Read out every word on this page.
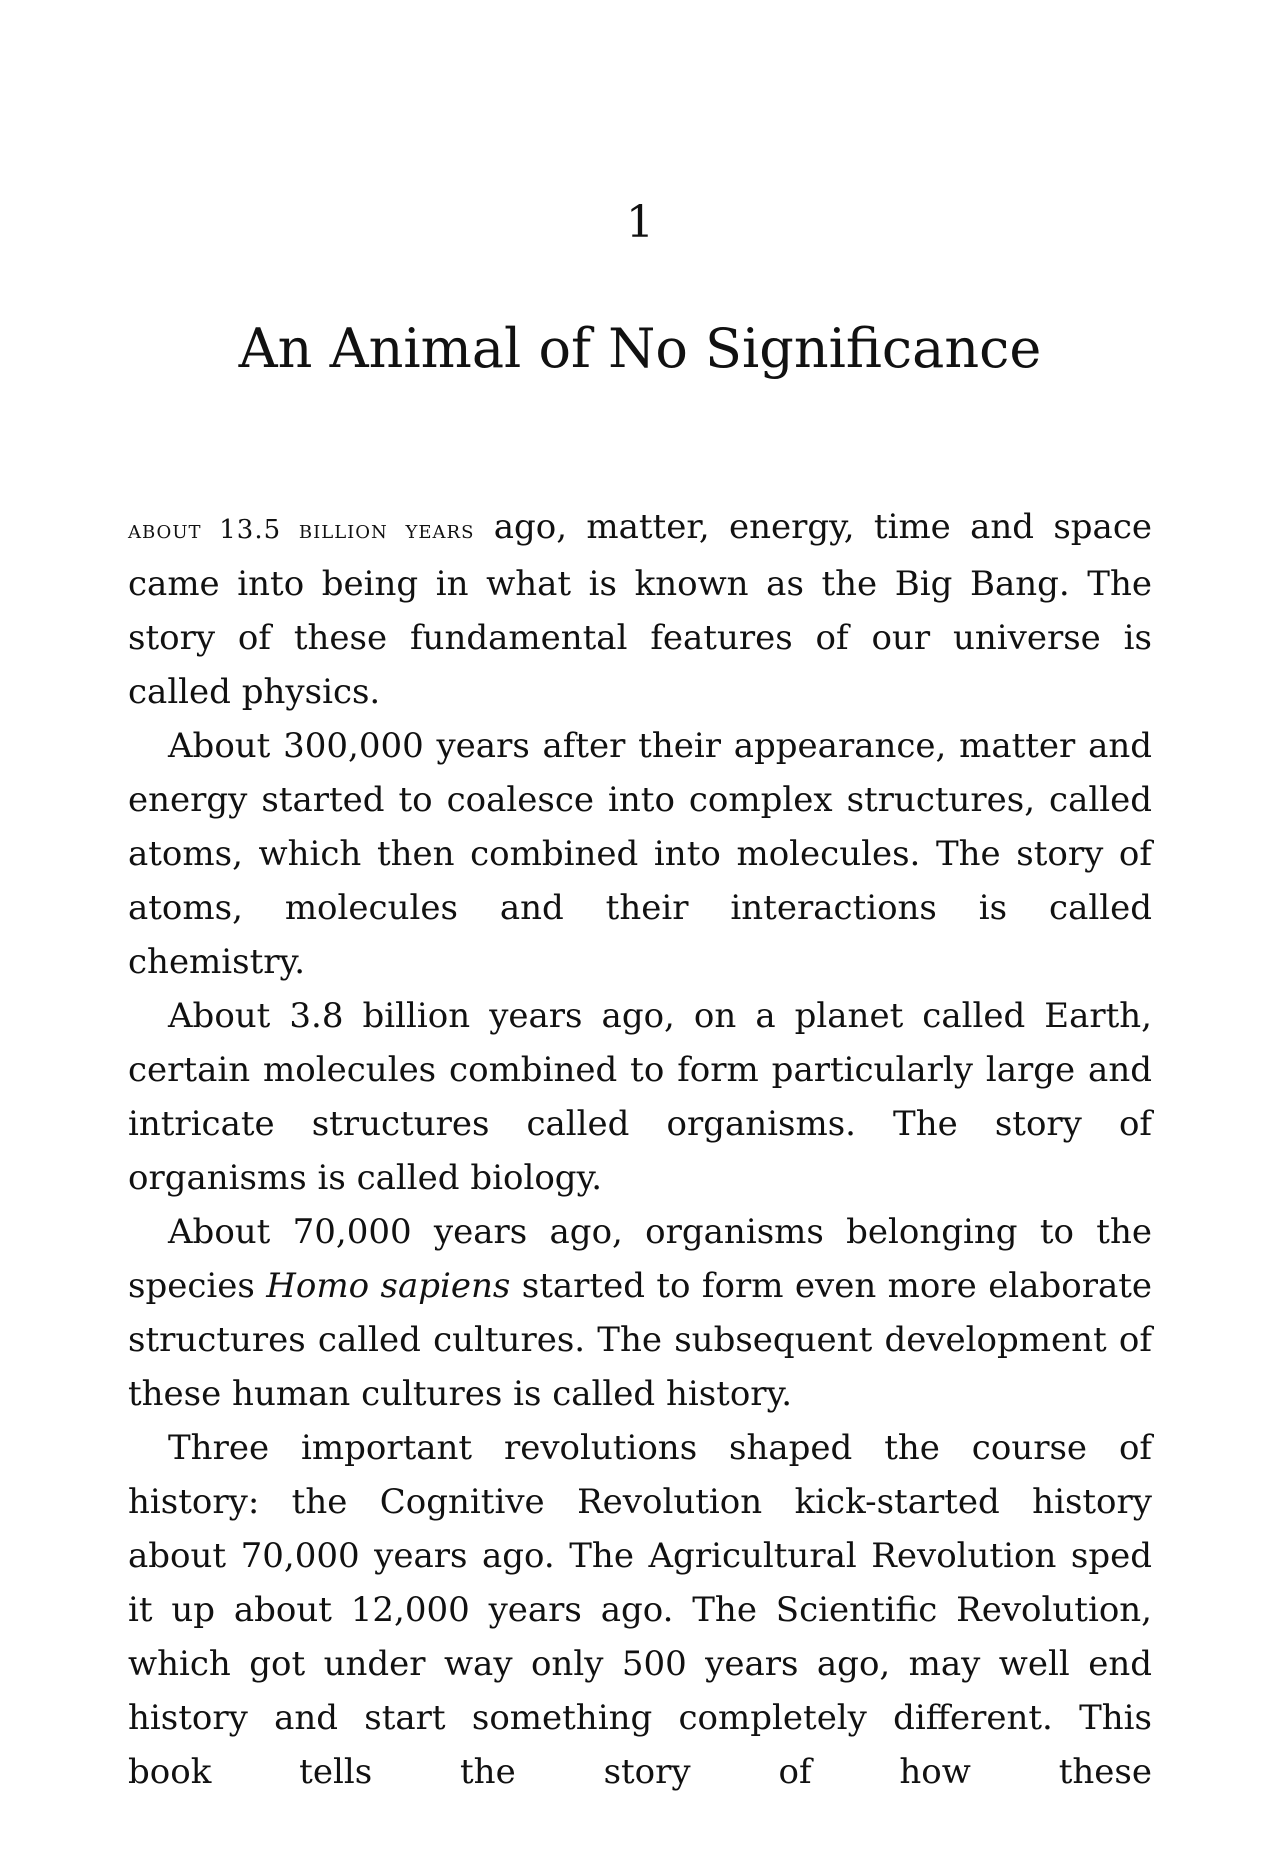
1
An Animal of No Significance

about 13.5 billion years ago, matter, energy, time and space came into being in what is known as the Big Bang. The story of these fundamental features of our universe is called physics.

About 300,000 years after their appearance, matter and energy started to coalesce into complex structures, called atoms, which then combined into molecules. The story of atoms, molecules and their interactions is called chemistry.

About 3.8 billion years ago, on a planet called Earth, certain molecules combined to form particularly large and intricate structures called organisms. The story of organisms is called biology.

About 70,000 years ago, organisms belonging to the species Homo sapiens started to form even more elaborate structures called cultures. The subsequent development of these human cultures is called history.

Three important revolutions shaped the course of history: the Cognitive Revolution kick-started history about 70,000 years ago. The Agricultural Revolution sped it up about 12,000 years ago. The Scientific Revolution, which got under way only 500 years ago, may well end history and start something completely different. This book tells the story of how these
